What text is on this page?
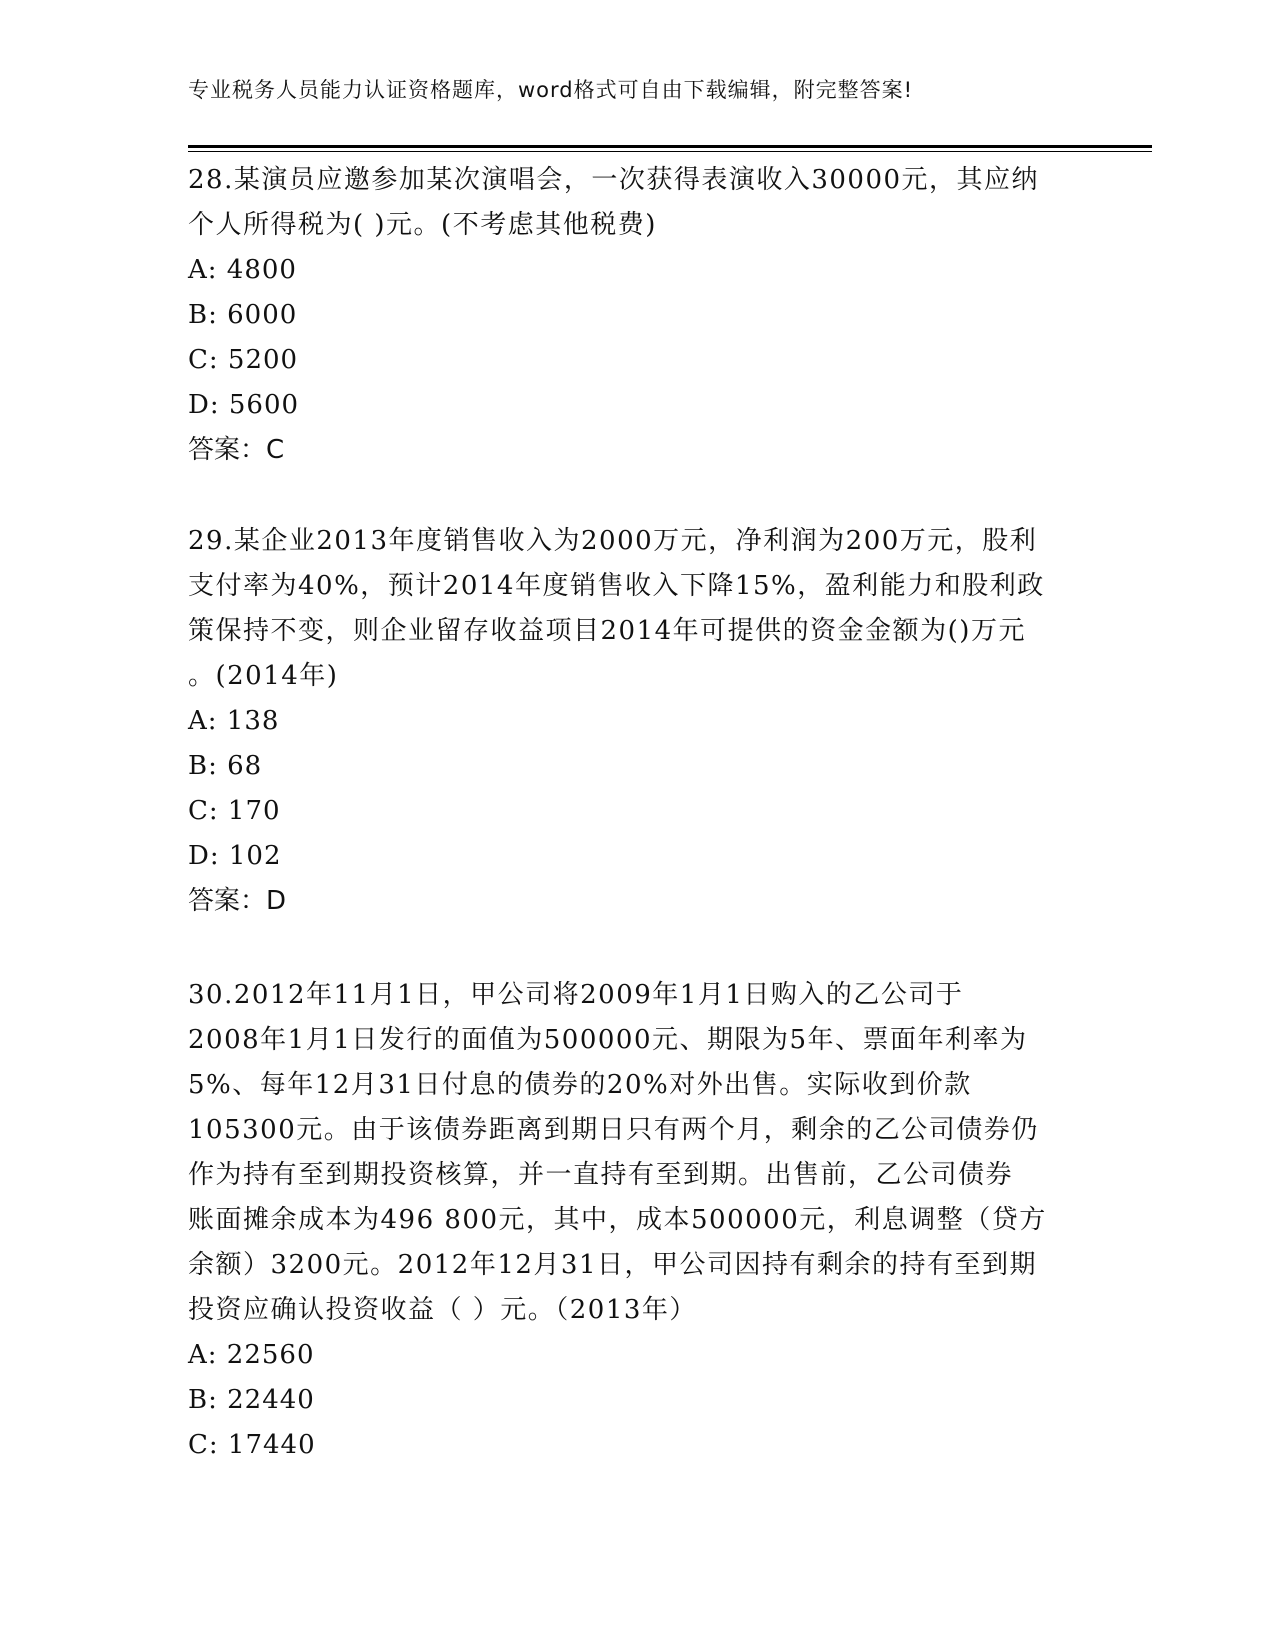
专业税务人员能力认证资格题库，word格式可自由下载编辑，附完整答案!

28.某演员应邀参加某次演唱会，一次获得表演收入30000元，其应纳

个人所得税为( )元。(不考虑其他税费)

A: 4800

B: 6000

C: 5200

D: 5600

答案：C

29.某企业2013年度销售收入为2000万元，净利润为200万元，股利

支付率为40%，预计2014年度销售收入下降15%，盈利能力和股利政

策保持不变，则企业留存收益项目2014年可提供的资金金额为()万元

。(2014年)

A: 138

B: 68

C: 170

D: 102

答案：D

30.2012年11月1日，甲公司将2009年1月1日购入的乙公司于

2008年1月1日发行的面值为500000元、期限为5年、票面年利率为

5%、每年12月31日付息的债券的20%对外出售。实际收到价款

105300元。由于该债券距离到期日只有两个月，剩余的乙公司债券仍

作为持有至到期投资核算，并一直持有至到期。出售前，乙公司债券

账面摊余成本为496 800元，其中，成本500000元，利息调整（贷方

余额）3200元。2012年12月31日，甲公司因持有剩余的持有至到期

投资应确认投资收益（ ）元。（2013年）

A: 22560

B: 22440

C: 17440
